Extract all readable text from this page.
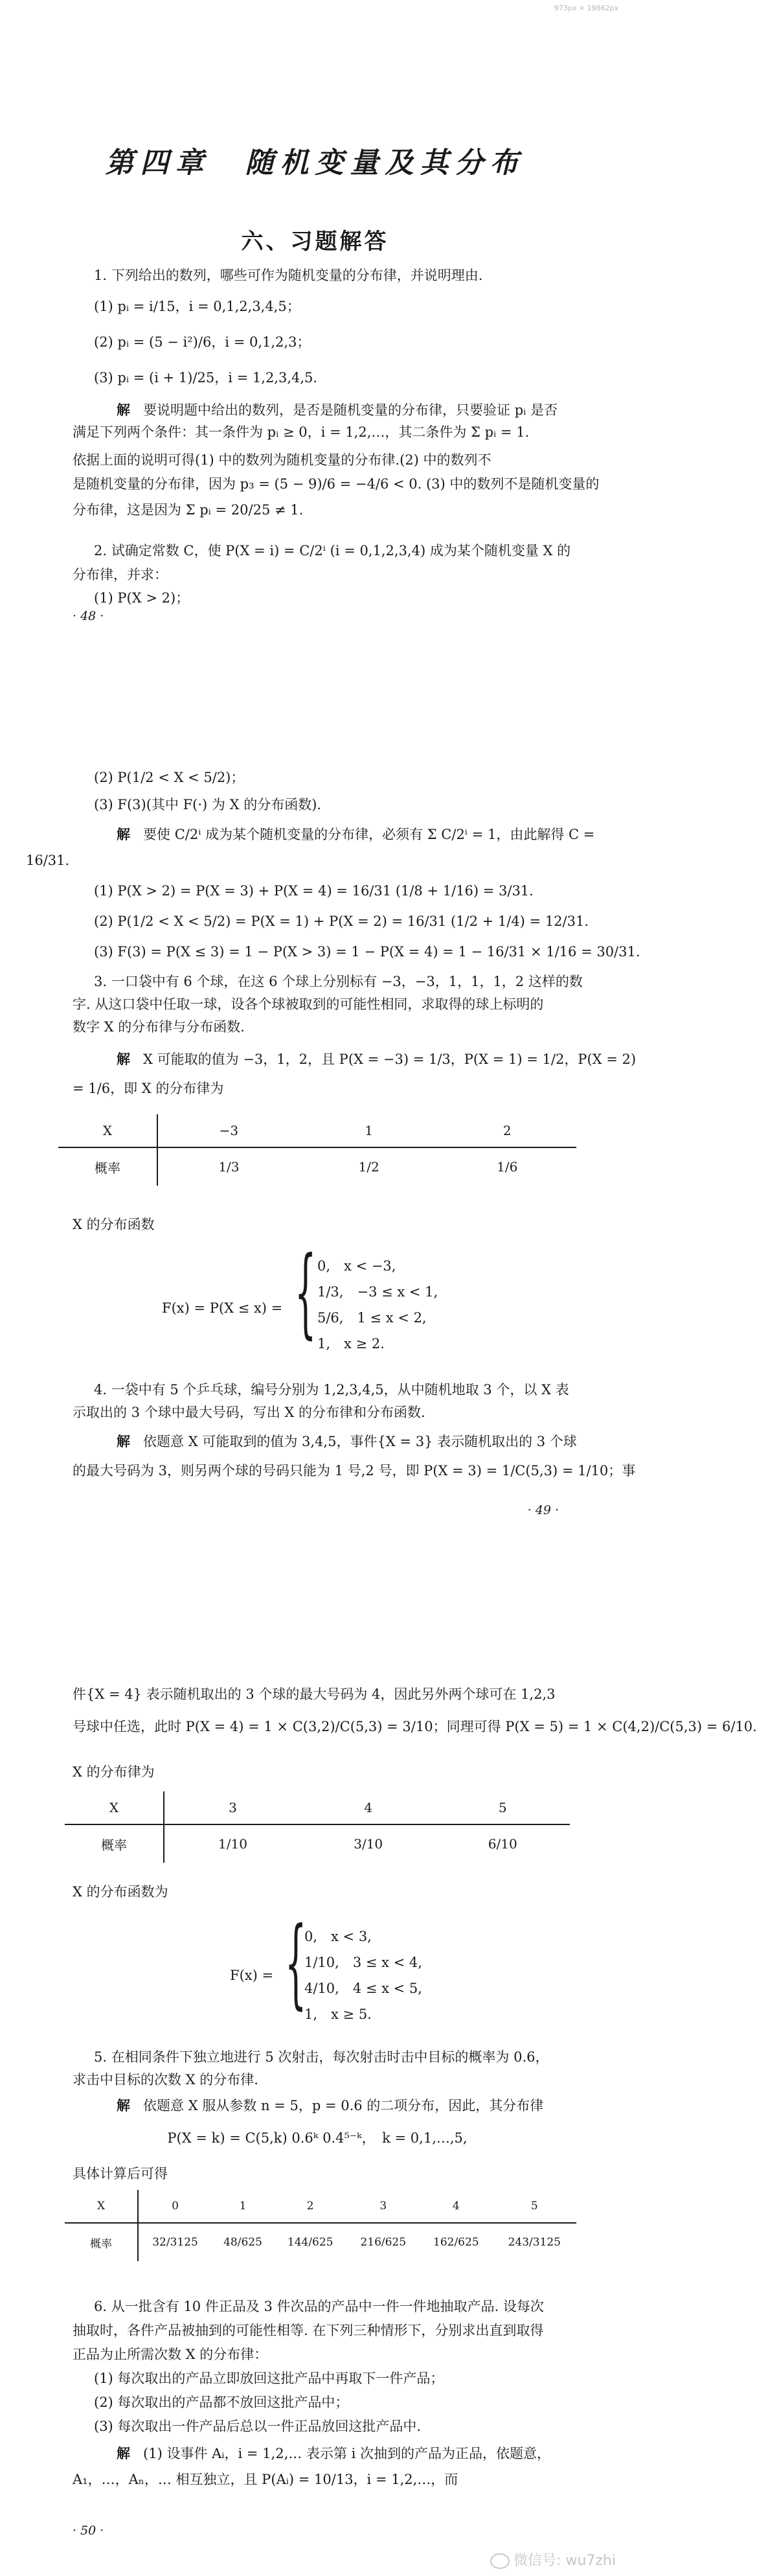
973px × 19862px
第四章　随机变量及其分布
六、习题解答
1. 下列给出的数列，哪些可作为随机变量的分布律，并说明理由.
(1) pᵢ = i/15，i = 0,1,2,3,4,5；
(2) pᵢ = (5 − i²)/6，i = 0,1,2,3；
(3) pᵢ = (i + 1)/25，i = 1,2,3,4,5.
解 要说明题中给出的数列，是否是随机变量的分布律，只要验证 pᵢ 是否
满足下列两个条件：其一条件为 pᵢ ≥ 0，i = 1,2,…，其二条件为 Σ pᵢ = 1.
依据上面的说明可得(1) 中的数列为随机变量的分布律.(2) 中的数列不
是随机变量的分布律，因为 p₃ = (5 − 9)/6 = −4/6 < 0. (3) 中的数列不是随机变量的
分布律，这是因为 Σ pᵢ = 20/25 ≠ 1.
2. 试确定常数 C，使 P(X = i) = C/2ⁱ (i = 0,1,2,3,4) 成为某个随机变量 X 的
分布律，并求：
(1) P(X > 2)；
· 48 ·
(2) P(1/2 < X < 5/2)；
(3) F(3)(其中 F(·) 为 X 的分布函数).
解 要使 C/2ⁱ 成为某个随机变量的分布律，必须有 Σ C/2ⁱ = 1，由此解得 C =
16/31.
(1) P(X > 2) = P(X = 3) + P(X = 4) = 16/31 (1/8 + 1/16) = 3/31.
(2) P(1/2 < X < 5/2) = P(X = 1) + P(X = 2) = 16/31 (1/2 + 1/4) = 12/31.
(3) F(3) = P(X ≤ 3) = 1 − P(X > 3) = 1 − P(X = 4) = 1 − 16/31 × 1/16 = 30/31.
3. 一口袋中有 6 个球，在这 6 个球上分别标有 −3，−3，1，1，1，2 这样的数
字. 从这口袋中任取一球，设各个球被取到的可能性相同，求取得的球上标明的
数字 X 的分布律与分布函数.
解 X 可能取的值为 −3，1，2，且 P(X = −3) = 1/3，P(X = 1) = 1/2，P(X = 2)
= 1/6，即 X 的分布律为
X	−3	1	2
概率	1/3	1/2	1/6
X 的分布函数
F(x) = P(X ≤ x) = { 0,　x < −3,
1/3,　−3 ≤ x < 1,
5/6,　1 ≤ x < 2,
1,　x ≥ 2.
4. 一袋中有 5 个乒乓球，编号分别为 1,2,3,4,5，从中随机地取 3 个，以 X 表
示取出的 3 个球中最大号码，写出 X 的分布律和分布函数.
解 依题意 X 可能取到的值为 3,4,5，事件{X = 3} 表示随机取出的 3 个球
的最大号码为 3，则另两个球的号码只能为 1 号,2 号，即 P(X = 3) = 1/C(5,3) = 1/10；事
· 49 ·
件{X = 4} 表示随机取出的 3 个球的最大号码为 4，因此另外两个球可在 1,2,3
号球中任选，此时 P(X = 4) = 1 × C(3,2)/C(5,3) = 3/10；同理可得 P(X = 5) = 1 × C(4,2)/C(5,3) = 6/10.
X 的分布律为
X	3	4	5
概率	1/10	3/10	6/10
X 的分布函数为
F(x) = {
0,　x < 3,
1/10,　3 ≤ x < 4,
4/10,　4 ≤ x < 5,
1,　x ≥ 5.
5. 在相同条件下独立地进行 5 次射击，每次射击时击中目标的概率为 0.6，
求击中目标的次数 X 的分布律.
解 依题意 X 服从参数 n = 5，p = 0.6 的二项分布，因此，其分布律
P(X = k) = C(5,k) 0.6ᵏ 0.4⁵⁻ᵏ，　k = 0,1,…,5,
具体计算后可得
X	0	1	2	3	4	5
概率	32/3125	48/625	144/625	216/625	162/625	243/3125
6. 从一批含有 10 件正品及 3 件次品的产品中一件一件地抽取产品. 设每次
抽取时，各件产品被抽到的可能性相等. 在下列三种情形下，分别求出直到取得
正品为止所需次数 X 的分布律：
(1) 每次取出的产品立即放回这批产品中再取下一件产品；
(2) 每次取出的产品都不放回这批产品中；
(3) 每次取出一件产品后总以一件正品放回这批产品中.
解 (1) 设事件 Aᵢ，i = 1,2,… 表示第 i 次抽到的产品为正品，依题意，
A₁，…，Aₙ，… 相互独立，且 P(Aᵢ) = 10/13，i = 1,2,…，而
· 50 ·
微信号: wu7zhi
